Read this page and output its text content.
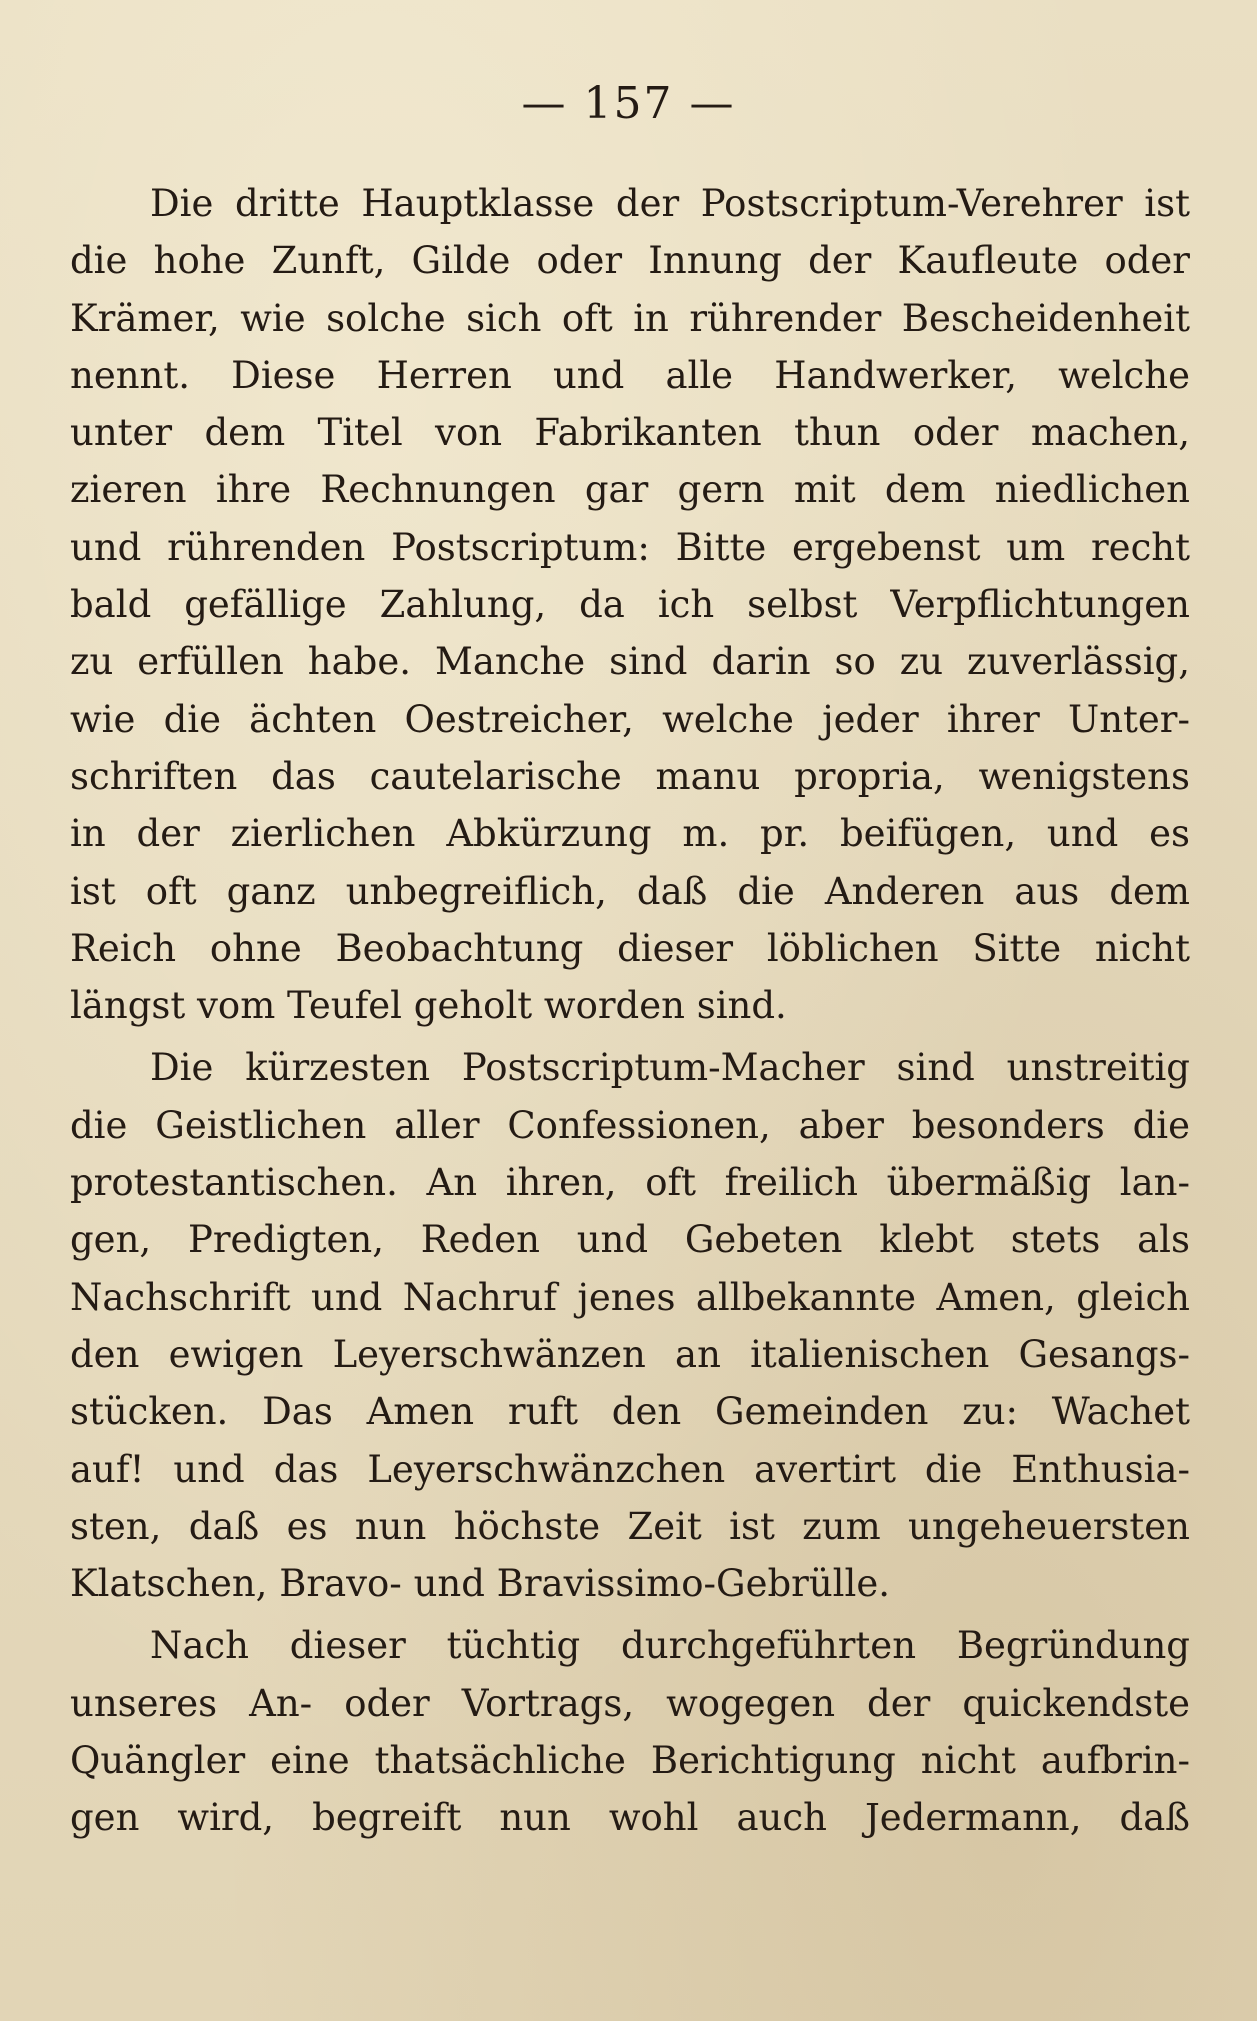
— 157 —
Die dritte Hauptklasse der Postscriptum-Verehrer ist
die hohe Zunft, Gilde oder Innung der Kaufleute oder
Krämer, wie solche sich oft in rührender Bescheidenheit
nennt. Diese Herren und alle Handwerker, welche
unter dem Titel von Fabrikanten thun oder machen,
zieren ihre Rechnungen gar gern mit dem niedlichen
und rührenden Postscriptum: Bitte ergebenst um recht
bald gefällige Zahlung, da ich selbst Verpflichtungen
zu erfüllen habe. Manche sind darin so zu zuverlässig,
wie die ächten Oestreicher, welche jeder ihrer Unter-
schriften das cautelarische manu propria, wenigstens
in der zierlichen Abkürzung m. pr. beifügen, und es
ist oft ganz unbegreiflich, daß die Anderen aus dem
Reich ohne Beobachtung dieser löblichen Sitte nicht
längst vom Teufel geholt worden sind.
Die kürzesten Postscriptum-Macher sind unstreitig
die Geistlichen aller Confessionen, aber besonders die
protestantischen. An ihren, oft freilich übermäßig lan-
gen, Predigten, Reden und Gebeten klebt stets als
Nachschrift und Nachruf jenes allbekannte Amen, gleich
den ewigen Leyerschwänzen an italienischen Gesangs-
stücken. Das Amen ruft den Gemeinden zu: Wachet
auf! und das Leyerschwänzchen avertirt die Enthusia-
sten, daß es nun höchste Zeit ist zum ungeheuersten
Klatschen, Bravo- und Bravissimo-Gebrülle.
Nach dieser tüchtig durchgeführten Begründung
unseres An- oder Vortrags, wogegen der quickendste
Quängler eine thatsächliche Berichtigung nicht aufbrin-
gen wird, begreift nun wohl auch Jedermann, daß
